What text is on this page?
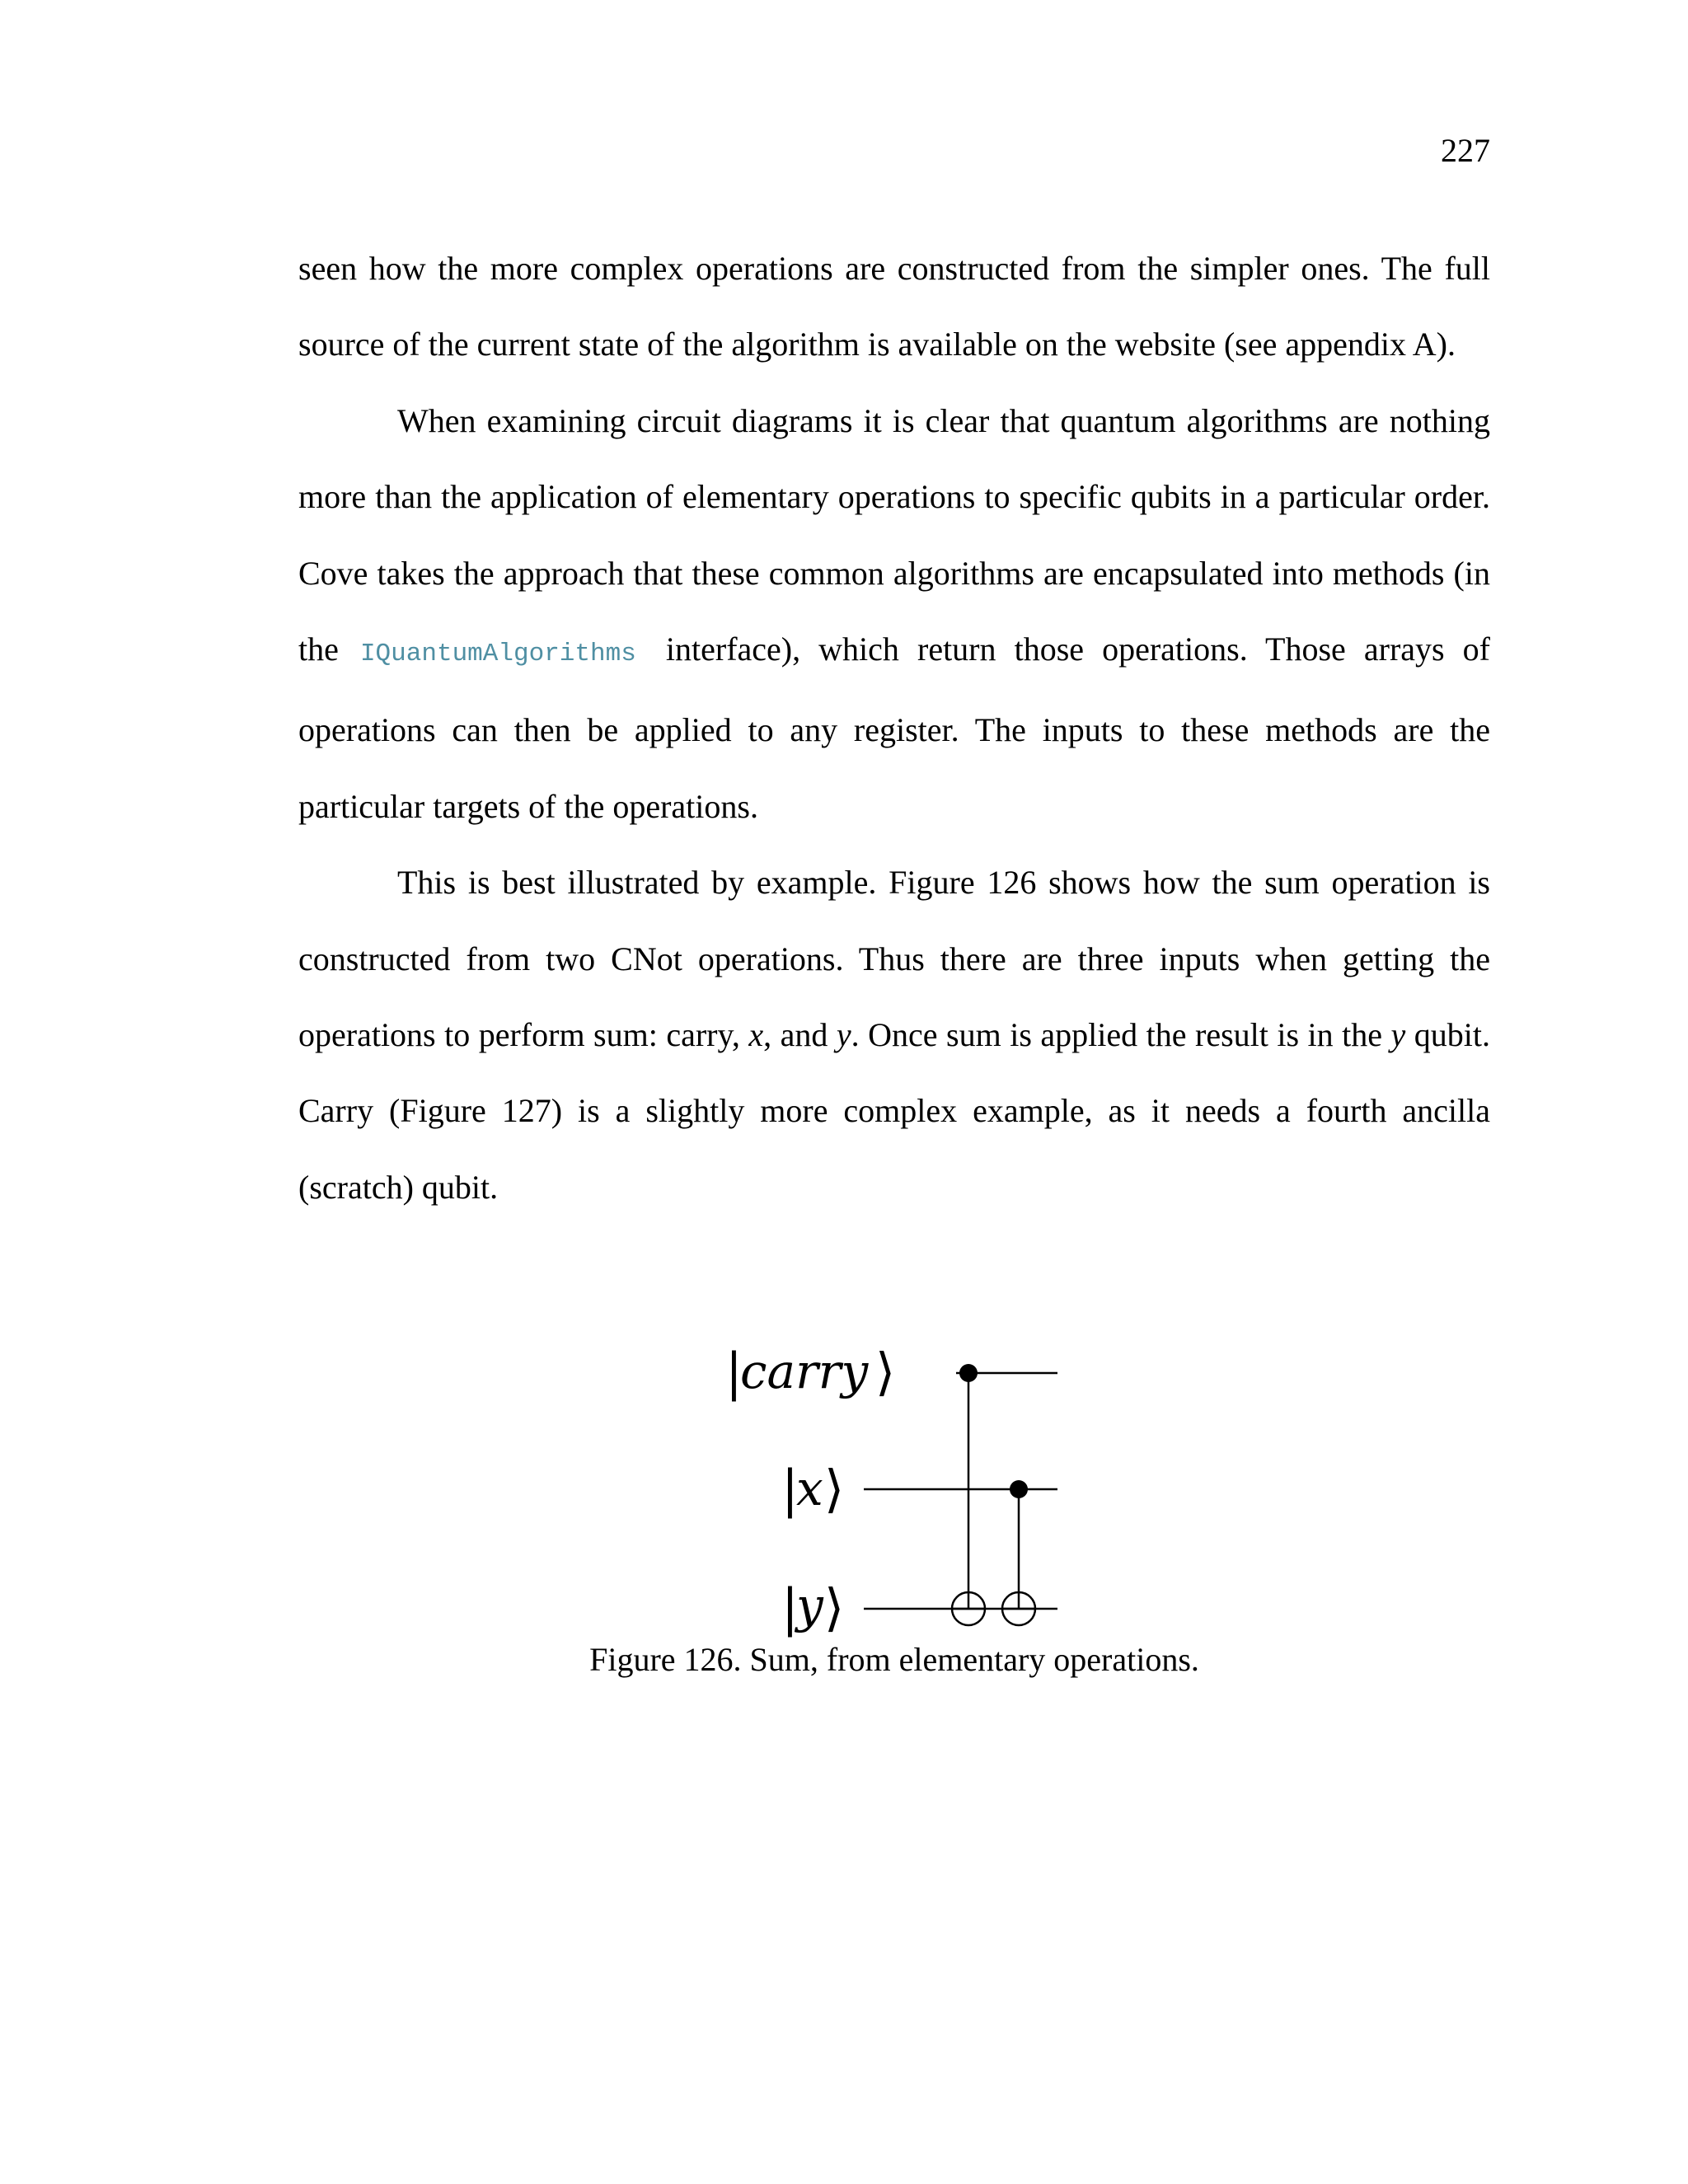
227

seen how the more complex operations are constructed from the simpler ones. The full source of the current state of the algorithm is available on the website (see appendix A).

When examining circuit diagrams it is clear that quantum algorithms are nothing more than the application of elementary operations to specific qubits in a particular order. Cove takes the approach that these common algorithms are encapsulated into methods (in the IQuantumAlgorithms interface), which return those operations. Those arrays of operations can then be applied to any register. The inputs to these methods are the particular targets of the operations.

This is best illustrated by example. Figure 126 shows how the sum operation is constructed from two CNot operations. Thus there are three inputs when getting the operations to perform sum: carry, x, and y. Once sum is applied the result is in the y qubit. Carry (Figure 127) is a slightly more complex example, as it needs a fourth ancilla (scratch) qubit.

|
carry ⟩
|
x ⟩
|
y ⟩
Figure 126. Sum, from elementary operations.
